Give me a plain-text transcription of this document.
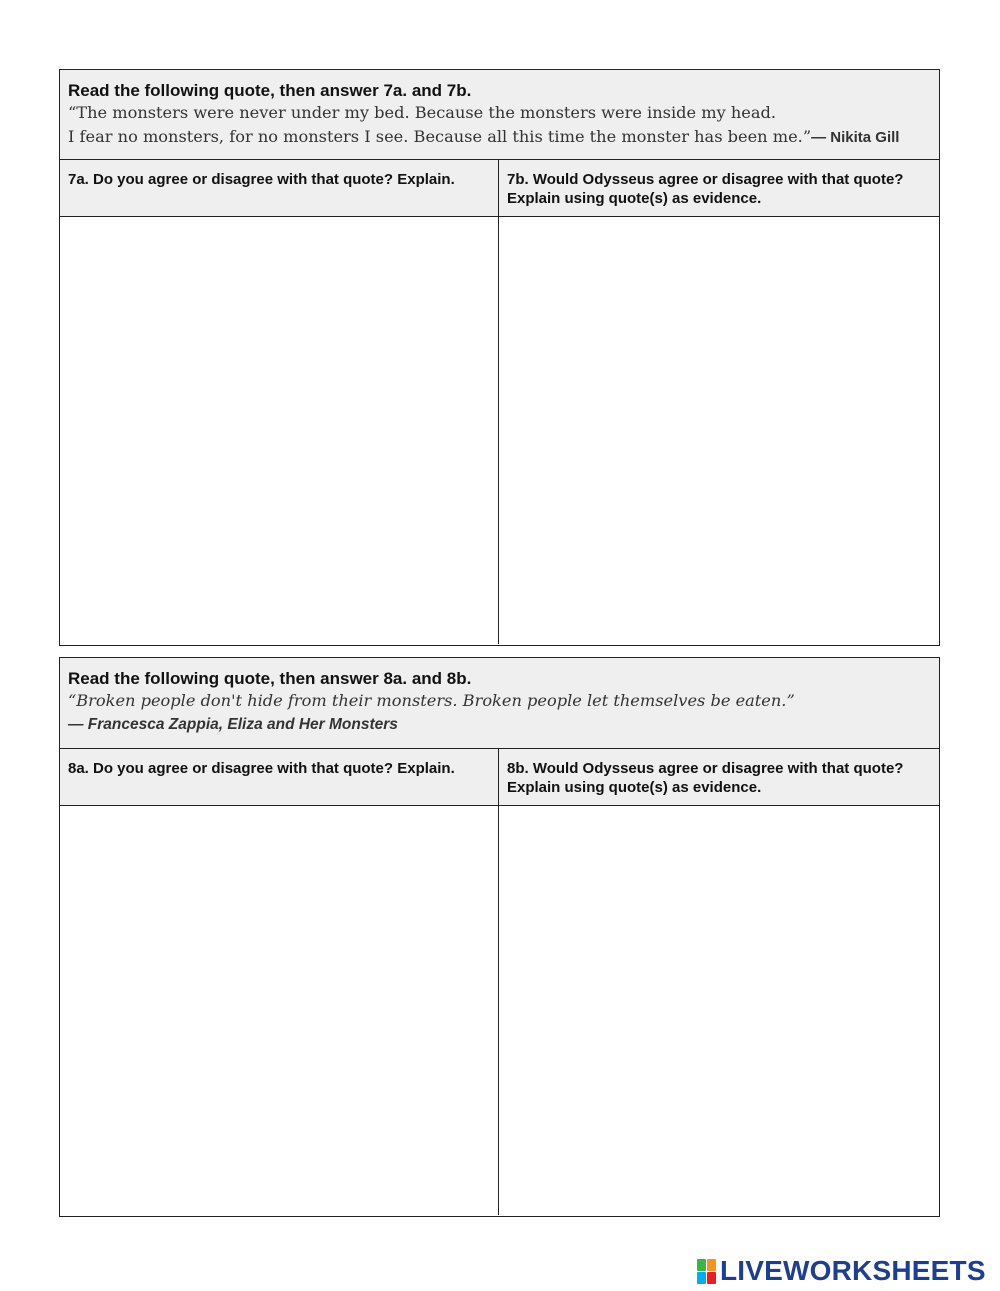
Read the following quote, then answer 7a. and 7b.
“The monsters were never under my bed. Because the monsters were inside my head.
I fear no monsters, for no monsters I see. Because all this time the monster has been me.”— Nikita Gill
7a. Do you agree or disagree with that quote? Explain.	7b. Would Odysseus agree or disagree with that quote? Explain using quote(s) as evidence.
Read the following quote, then answer 8a. and 8b.
“Broken people don't hide from their monsters. Broken people let themselves be eaten.”
— Francesca Zappia, Eliza and Her Monsters
8a. Do you agree or disagree with that quote? Explain.	8b. Would Odysseus agree or disagree with that quote? Explain using quote(s) as evidence.
LIVEWORKSHEETS
